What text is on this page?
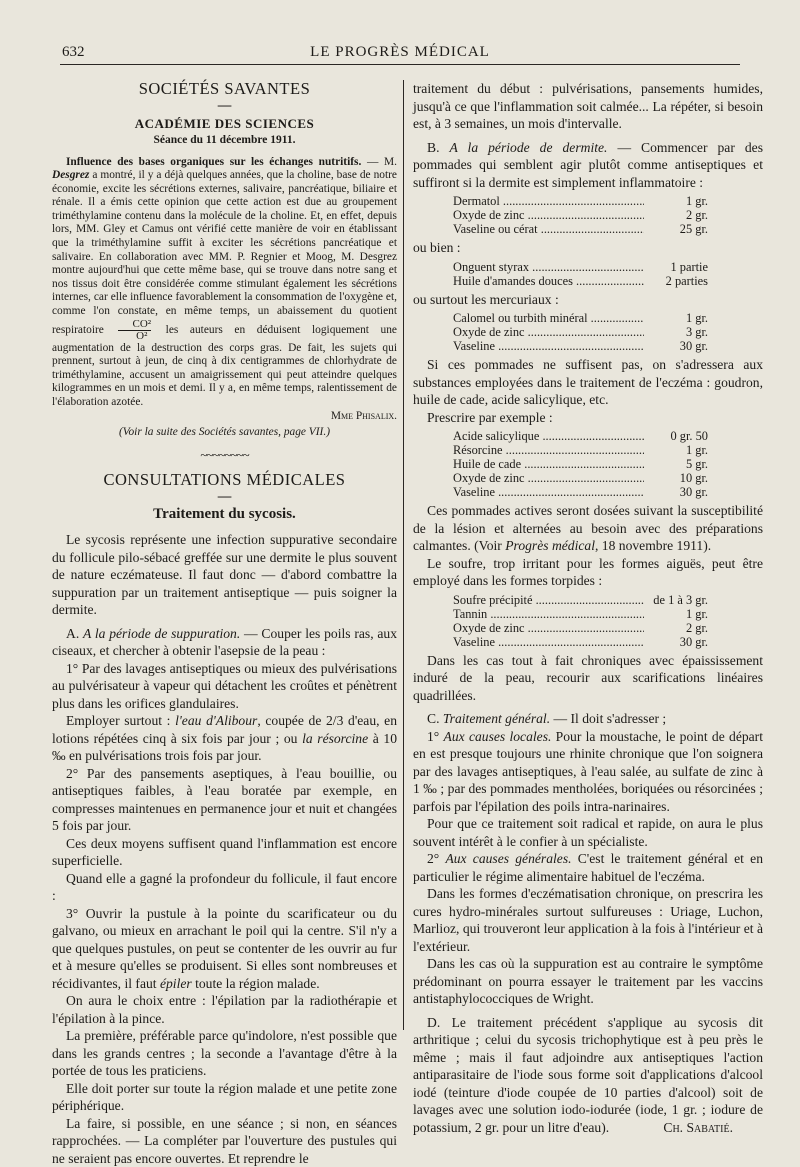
632	LE PROGRÈS MÉDICAL
SOCIÉTÉS SAVANTES
—
ACADÉMIE DES SCIENCES
Séance du 11 décembre 1911.

Influence des bases organiques sur les échanges nutritifs. — M. Desgrez a montré, il y a déjà quelques années, que la choline, base de notre économie, excite les sécrétions externes, salivaire, pancréatique, biliaire et rénale. Il a émis cette opinion que cette action est due au groupement triméthylamine contenu dans la molécule de la choline. Et, en effet, depuis lors, MM. Gley et Camus ont vérifié cette manière de voir en établissant que la triméthylamine suffit à exciter les sécrétions pancréatique et salivaire. En collaboration avec MM. P. Regnier et Moog, M. Desgrez montre aujourd'hui que cette même base, qui se trouve dans notre sang et nos tissus doit être considérée comme stimulant également les sécrétions internes, car elle influence favorablement la consommation de l'oxygène et, comme l'on constate, en même temps, un abaissement du quotient respiratoire $\frac{\text{CO²}}{\text{O²}}$ les auteurs en déduisent logiquement une augmentation de la destruction des corps gras. De fait, les sujets qui prennent, surtout à jeun, de cinq à dix centigrammes de chlorhydrate de triméthylamine, accusent un amaigrissement qui peut atteindre quelques kilogrammes en un mois et demi. Il y a, en même temps, ralentissement de l'élaboration azotée.

Mme Phisalix.
(Voir la suite des Sociétés savantes, page VII.)
~~~~~~~~
CONSULTATIONS MÉDICALES
—
Traitement du sycosis.

Le sycosis représente une infection suppurative secondaire du follicule pilo-sébacé greffée sur une dermite le plus souvent de nature eczémateuse. Il faut donc — d'abord combattre la suppuration par un traitement antiseptique — puis soigner la dermite.

A. A la période de suppuration. — Couper les poils ras, aux ciseaux, et chercher à obtenir l'asepsie de la peau :

1° Par des lavages antiseptiques ou mieux des pulvérisations au pulvérisateur à vapeur qui détachent les croûtes et pénètrent plus dans les orifices glandulaires.

Employer surtout : l'eau d'Alibour, coupée de 2/3 d'eau, en lotions répétées cinq à six fois par jour ; ou la résorcine à 10 ‰ en pulvérisations trois fois par jour.

2° Par des pansements aseptiques, à l'eau bouillie, ou antiseptiques faibles, à l'eau boratée par exemple, en compresses maintenues en permanence jour et nuit et changées 5 fois par jour.

Ces deux moyens suffisent quand l'inflammation est encore superficielle.

Quand elle a gagné la profondeur du follicule, il faut encore :

3° Ouvrir la pustule à la pointe du scarificateur ou du galvano, ou mieux en arrachant le poil qui la centre. S'il n'y a que quelques pustules, on peut se contenter de les ouvrir au fur et à mesure qu'elles se produisent. Si elles sont nombreuses et récidivantes, il faut épiler toute la région malade.

On aura le choix entre : l'épilation par la radiothérapie et l'épilation à la pince.

La première, préférable parce qu'indolore, n'est possible que dans les grands centres ; la seconde a l'avantage d'être à la portée de tous les praticiens.

Elle doit porter sur toute la région malade et une petite zone périphérique.

La faire, si possible, en une séance ; si non, en séances rapprochées. — La compléter par l'ouverture des pustules qui ne seraient pas encore ouvertes. Et reprendre le

traitement du début : pulvérisations, pansements humides, jusqu'à ce que l'inflammation soit calmée... La répéter, si besoin est, à 3 semaines, un mois d'intervalle.

B. A la période de dermite. — Commencer par des pommades qui semblent agir plutôt comme antiseptiques et suffiront si la dermite est simplement inflammatoire :

Dermatol .....	1 gr.
Oxyde de zinc .....	2 gr.
Vaseline ou cérat .....	25 gr.

ou bien :

Onguent styrax .....	1 partie
Huile d'amandes douces .....	2 parties

ou surtout les mercuriaux :

Calomel ou turbith minéral .....	1 gr.
Oxyde de zinc .....	3 gr.
Vaseline .....	30 gr.

Si ces pommades ne suffisent pas, on s'adressera aux substances employées dans le traitement de l'eczéma : goudron, huile de cade, acide salicylique, etc.

Prescrire par exemple :

Acide salicylique .....	0 gr. 50
Résorcine .....	1 gr.
Huile de cade .....	5 gr.
Oxyde de zinc .....	10 gr.
Vaseline .....	30 gr.

Ces pommades actives seront dosées suivant la susceptibilité de la lésion et alternées au besoin avec des préparations calmantes. (Voir Progrès médical, 18 novembre 1911).

Le soufre, trop irritant pour les formes aiguës, peut être employé dans les formes torpides :

Soufre précipité .....	de 1 à 3 gr.
Tannin .....	1 gr.
Oxyde de zinc .....	2 gr.
Vaseline .....	30 gr.

Dans les cas tout à fait chroniques avec épaississement induré de la peau, recourir aux scarifications linéaires quadrillées.

C. Traitement général. — Il doit s'adresser ;

1° Aux causes locales. Pour la moustache, le point de départ en est presque toujours une rhinite chronique que l'on soignera par des lavages antiseptiques, à l'eau salée, au sulfate de zinc à 1 ‰ ; par des pommades mentholées, boriquées ou résorcinées ; parfois par l'épilation des poils intra-narinaires.

Pour que ce traitement soit radical et rapide, on aura le plus souvent intérêt à le confier à un spécialiste.

2° Aux causes générales. C'est le traitement général et en particulier le régime alimentaire habituel de l'eczéma.

Dans les formes d'eczématisation chronique, on prescrira les cures hydro-minérales surtout sulfureuses : Uriage, Luchon, Marlioz, qui trouveront leur application à la fois à l'intérieur et à l'extérieur.

Dans les cas où la suppuration est au contraire le symptôme prédominant on pourra essayer le traitement par les vaccins antistaphylococciques de Wright.

D. Le traitement précédent s'applique au sycosis dit arthritique ; celui du sycosis trichophytique est à peu près le même ; mais il faut adjoindre aux antiseptiques l'action antiparasitaire de l'iode sous forme soit d'applications d'alcool iodé (teinture d'iode coupée de 10 parties d'alcool) soit de lavages avec une solution iodo-iodurée (iode, 1 gr. ; iodure de potassium, 2 gr. pour un litre d'eau).	Ch. Sabatié.
